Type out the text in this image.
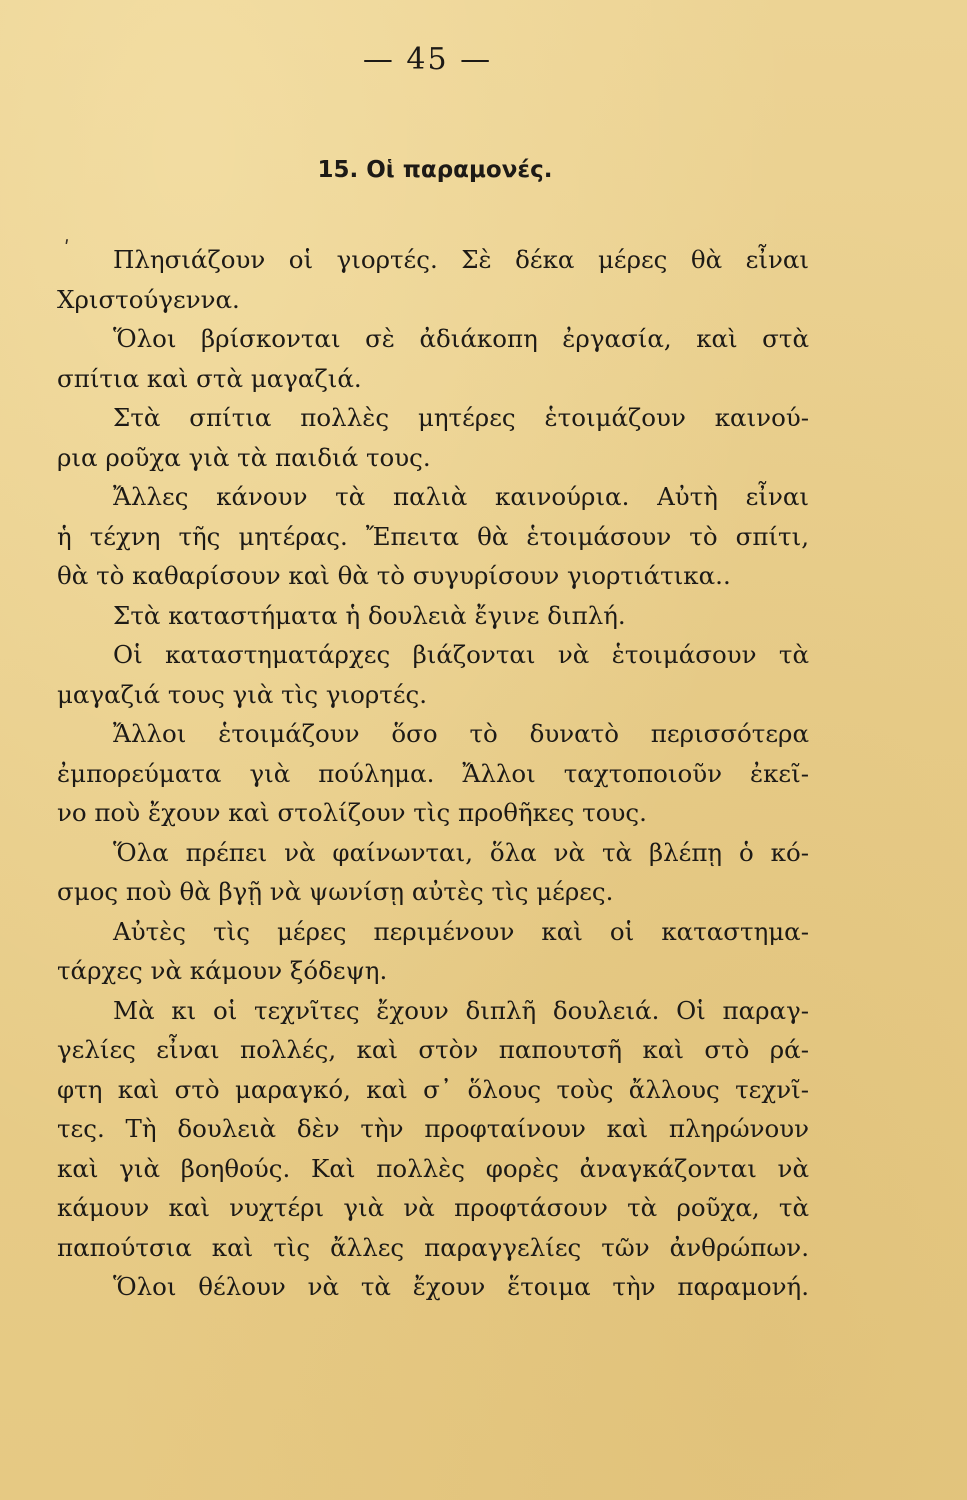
— 45 —
ʹ
15. Οἱ παραμονές.
Πλησιάζουν οἱ γιορτές. Σὲ δέκα μέρες θὰ εἶναι
Χριστούγεννα.
Ὅλοι βρίσκονται σὲ ἀδιάκοπη ἐργασία, καὶ στὰ
σπίτια καὶ στὰ μαγαζιά.
Στὰ σπίτια πολλὲς μητέρες ἑτοιμάζουν καινού-
ρια ροῦχα γιὰ τὰ παιδιά τους.
Ἄλλες κάνουν τὰ παλιὰ καινούρια. Αὐτὴ εἶναι
ἡ τέχνη τῆς μητέρας. Ἔπειτα θὰ ἑτοιμάσουν τὸ σπίτι,
θὰ τὸ καθαρίσουν καὶ θὰ τὸ συγυρίσουν γιορτιάτικα..
Στὰ καταστήματα ἡ δουλειὰ ἔγινε διπλή.
Οἱ καταστηματάρχες βιάζονται νὰ ἑτοιμάσουν τὰ
μαγαζιά τους γιὰ τὶς γιορτές.
Ἄλλοι ἑτοιμάζουν ὅσο τὸ δυνατὸ περισσότερα
ἐμπορεύματα γιὰ πούλημα. Ἄλλοι ταχτοποιοῦν ἐκεῖ-
νο ποὺ ἔχουν καὶ στολίζουν τὶς προθῆκες τους.
Ὅλα πρέπει νὰ φαίνωνται, ὅλα νὰ τὰ βλέπῃ ὁ κό-
σμος ποὺ θὰ βγῇ νὰ ψωνίσῃ αὐτὲς τὶς μέρες.
Αὐτὲς τὶς μέρες περιμένουν καὶ οἱ καταστημα-
τάρχες νὰ κάμουν ξόδεψη.
Μὰ κι οἱ τεχνῖτες ἔχουν διπλῆ δουλειά. Οἱ παραγ-
γελίες εἶναι πολλές, καὶ στὸν παπουτσῆ καὶ στὸ ρά-
φτη καὶ στὸ μαραγκό, καὶ σ᾽ ὅλους τοὺς ἄλλους τεχνῖ-
τες. Τὴ δουλειὰ δὲν τὴν προφταίνουν καὶ πληρώνουν
καὶ γιὰ βοηθούς. Καὶ πολλὲς φορὲς ἀναγκάζονται νὰ
κάμουν καὶ νυχτέρι γιὰ νὰ προφτάσουν τὰ ροῦχα, τὰ
παπούτσια καὶ τὶς ἄλλες παραγγελίες τῶν ἀνθρώπων.
Ὅλοι θέλουν νὰ τὰ ἔχουν ἕτοιμα τὴν παραμονή.
